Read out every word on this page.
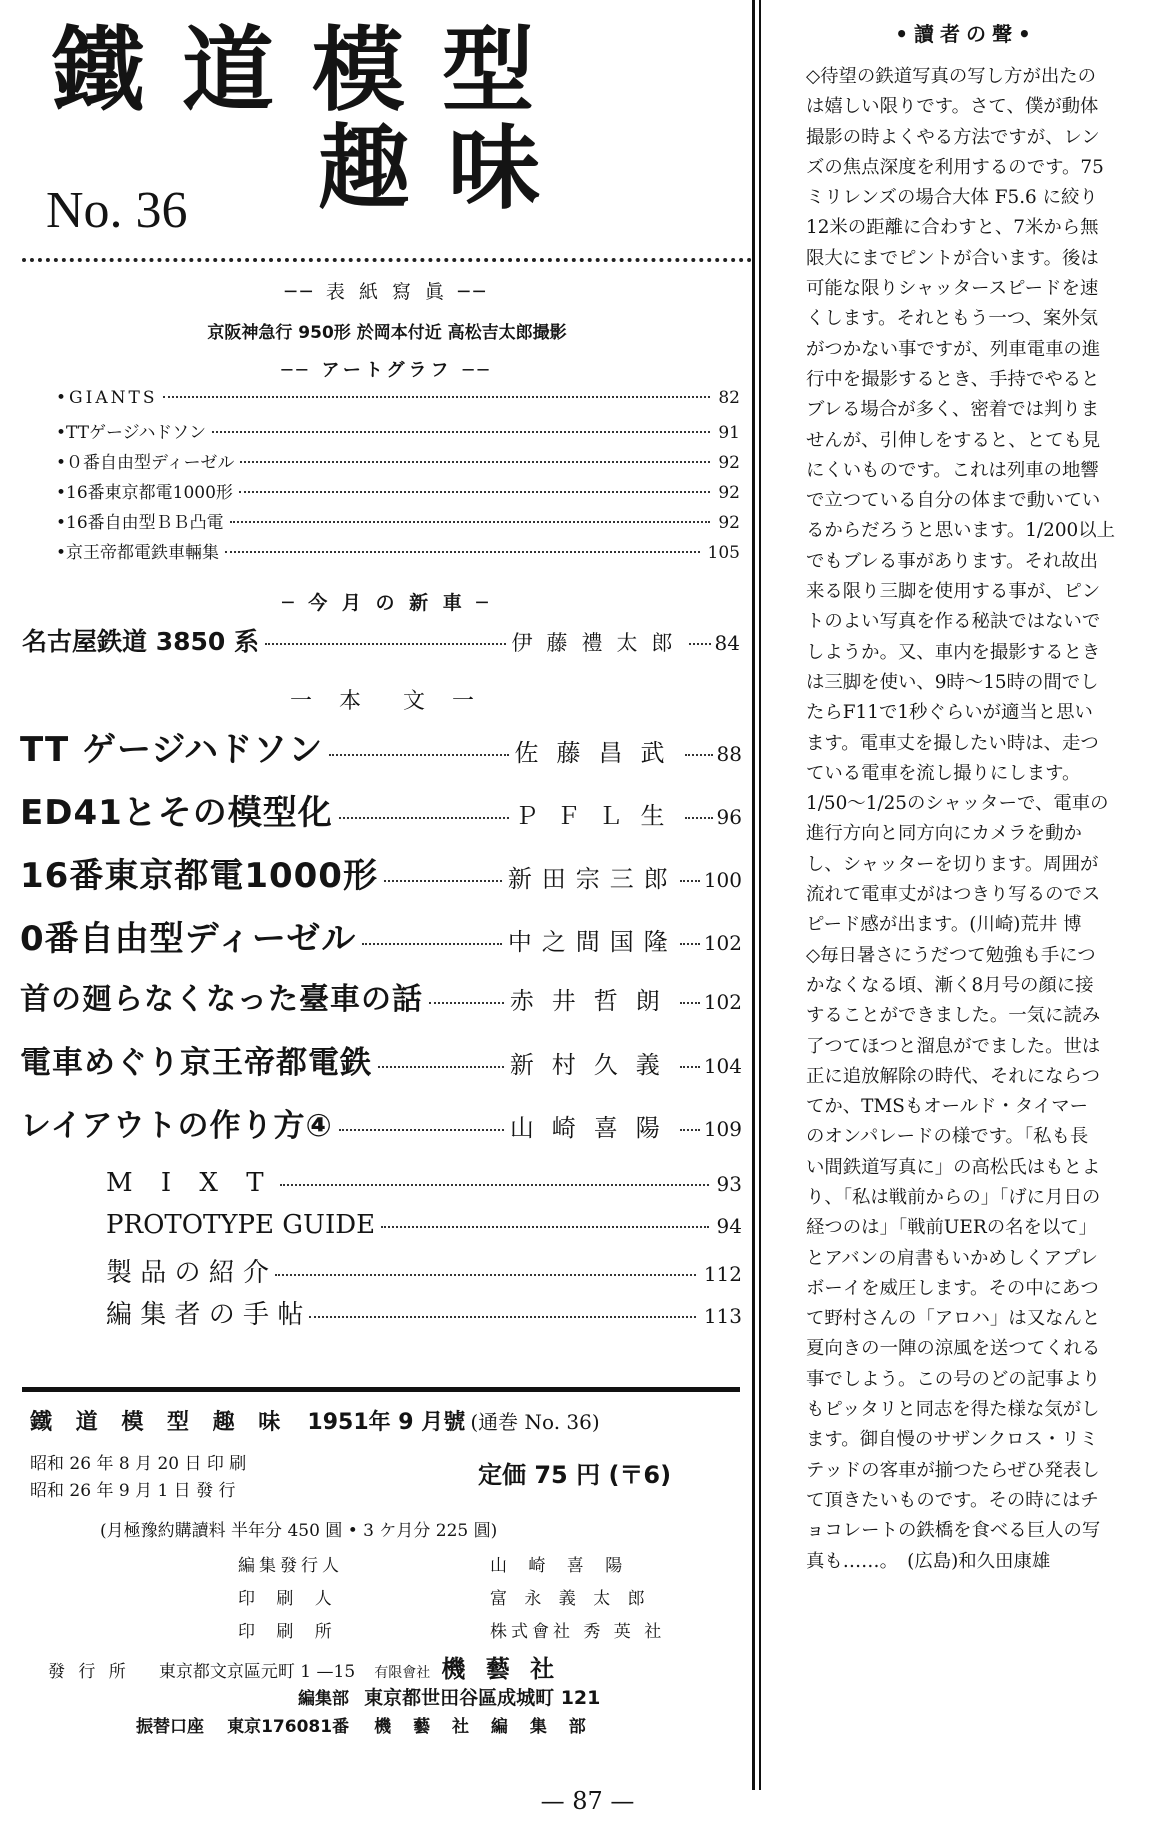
鐵道模型
趣味
No. 36
── 表 紙 寫 眞 ──
京阪神急行 950形 於岡本付近 高松吉太郎撮影
── アートグラフ ──
•GIANTS	82
•TTゲージハドソン	91
•０番自由型ディーゼル	92
•16番東京都電1000形	92
•16番自由型ＢＢ凸電	92
•京王帝都電鉄車輛集	105
─ 今 月 の 新 車 ─
名古屋鉄道 3850 系	伊藤禮太郎 84
一 本　文 一
TT ゲージハドソン	佐藤昌武 88
ED41とその模型化	ＰＦＬ生 96
16番東京都電1000形	新田宗三郎 100
0番自由型ディーゼル	中之間国隆 102
首の廻らなくなった臺車の話	赤井哲朗 102
電車めぐり京王帝都電鉄	新村久義 104
レイアウトの作り方④	山崎喜陽 109
M I X T	93
PROTOTYPE GUIDE	94
製 品 の 紹 介	112
編 集 者 の 手 帖	113
鐵 道 模 型 趣 味 1951年 9 月號 (通巻 No. 36)
昭和 26 年 8 月 20 日 印 刷
昭和 26 年 9 月 1 日 發 行
定価 75 円 (〒6)
(月極豫約購讀料 半年分 450 圓 • 3 ケ月分 225 圓)
編集發行人	山 崎 喜 陽
印 刷 人	富 永 義 太 郎
印 刷 所	株式會社 秀 英 社
發 行 所 東京都文京區元町 1 —15 有限會社 機 藝 社
編集部 東京都世田谷區成城町 121
振替口座 東京176081番 機 藝 社 編 集 部
•讀者の聲•
◇待望の鉄道写真の写し方が出たの
は嬉しい限りです。さて、僕が動体
撮影の時よくやる方法ですが、レン
ズの焦点深度を利用するのです。75
ミリレンズの場合大体 F5.6 に絞り
12米の距離に合わすと、7米から無
限大にまでピントが合います。後は
可能な限りシャッタースピードを速
くします。それともう一つ、案外気
がつかない事ですが、列車電車の進
行中を撮影するとき、手持でやると
ブレる場合が多く、密着では判りま
せんが、引伸しをすると、とても見
にくいものです。これは列車の地響
で立つている自分の体まで動いてい
るからだろうと思います。1/200以上
でもブレる事があります。それ故出
来る限り三脚を使用する事が、ピン
トのよい写真を作る秘訣ではないで
しようか。又、車内を撮影するとき
は三脚を使い、9時〜15時の間でし
たらF11で1秒ぐらいが適当と思い
ます。電車丈を撮したい時は、走つ
ている電車を流し撮りにします。
1/50〜1/25のシャッターで、電車の
進行方向と同方向にカメラを動か
し、シャッターを切ります。周囲が
流れて電車丈がはつきり写るのでス
ピード感が出ます。(川崎)荒井 博
◇毎日暑さにうだつて勉強も手につ
かなくなる頃、漸く8月号の顔に接
することができました。一気に読み
了つてほつと溜息がでました。世は
正に追放解除の時代、それにならつ
てか、TMSもオールド・タイマー
のオンパレードの様です。「私も長
い間鉄道写真に」の高松氏はもとよ
り、「私は戦前からの」「げに月日の
経つのは」「戦前UERの名を以て」
とアバンの肩書もいかめしくアプレ
ボーイを威圧します。その中にあつ
て野村さんの「アロハ」は又なんと
夏向きの一陣の涼風を送つてくれる
事でしよう。この号のどの記事より
もピッタリと同志を得た様な気がし
ます。御自慢のサザンクロス・リミ
テッドの客車が揃つたらぜひ発表し
て頂きたいものです。その時にはチ
ョコレートの鉄橋を食べる巨人の写
真も……。　(広島)和久田康雄
— 87 —
